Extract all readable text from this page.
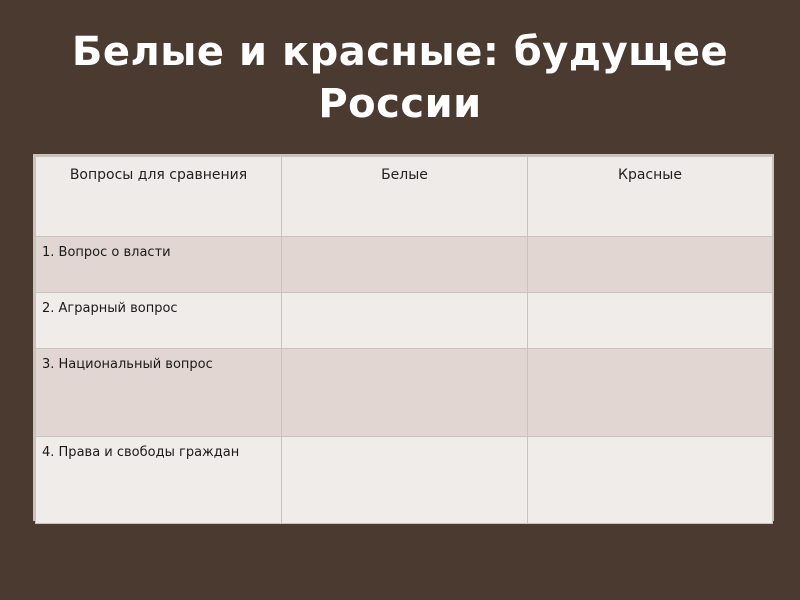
Белые и красные: будущее
России
Вопросы для сравнения	Белые	Красные
1. Вопрос о власти		
2. Аграрный вопрос		
3. Национальный вопрос		
4. Права и свободы граждан		
